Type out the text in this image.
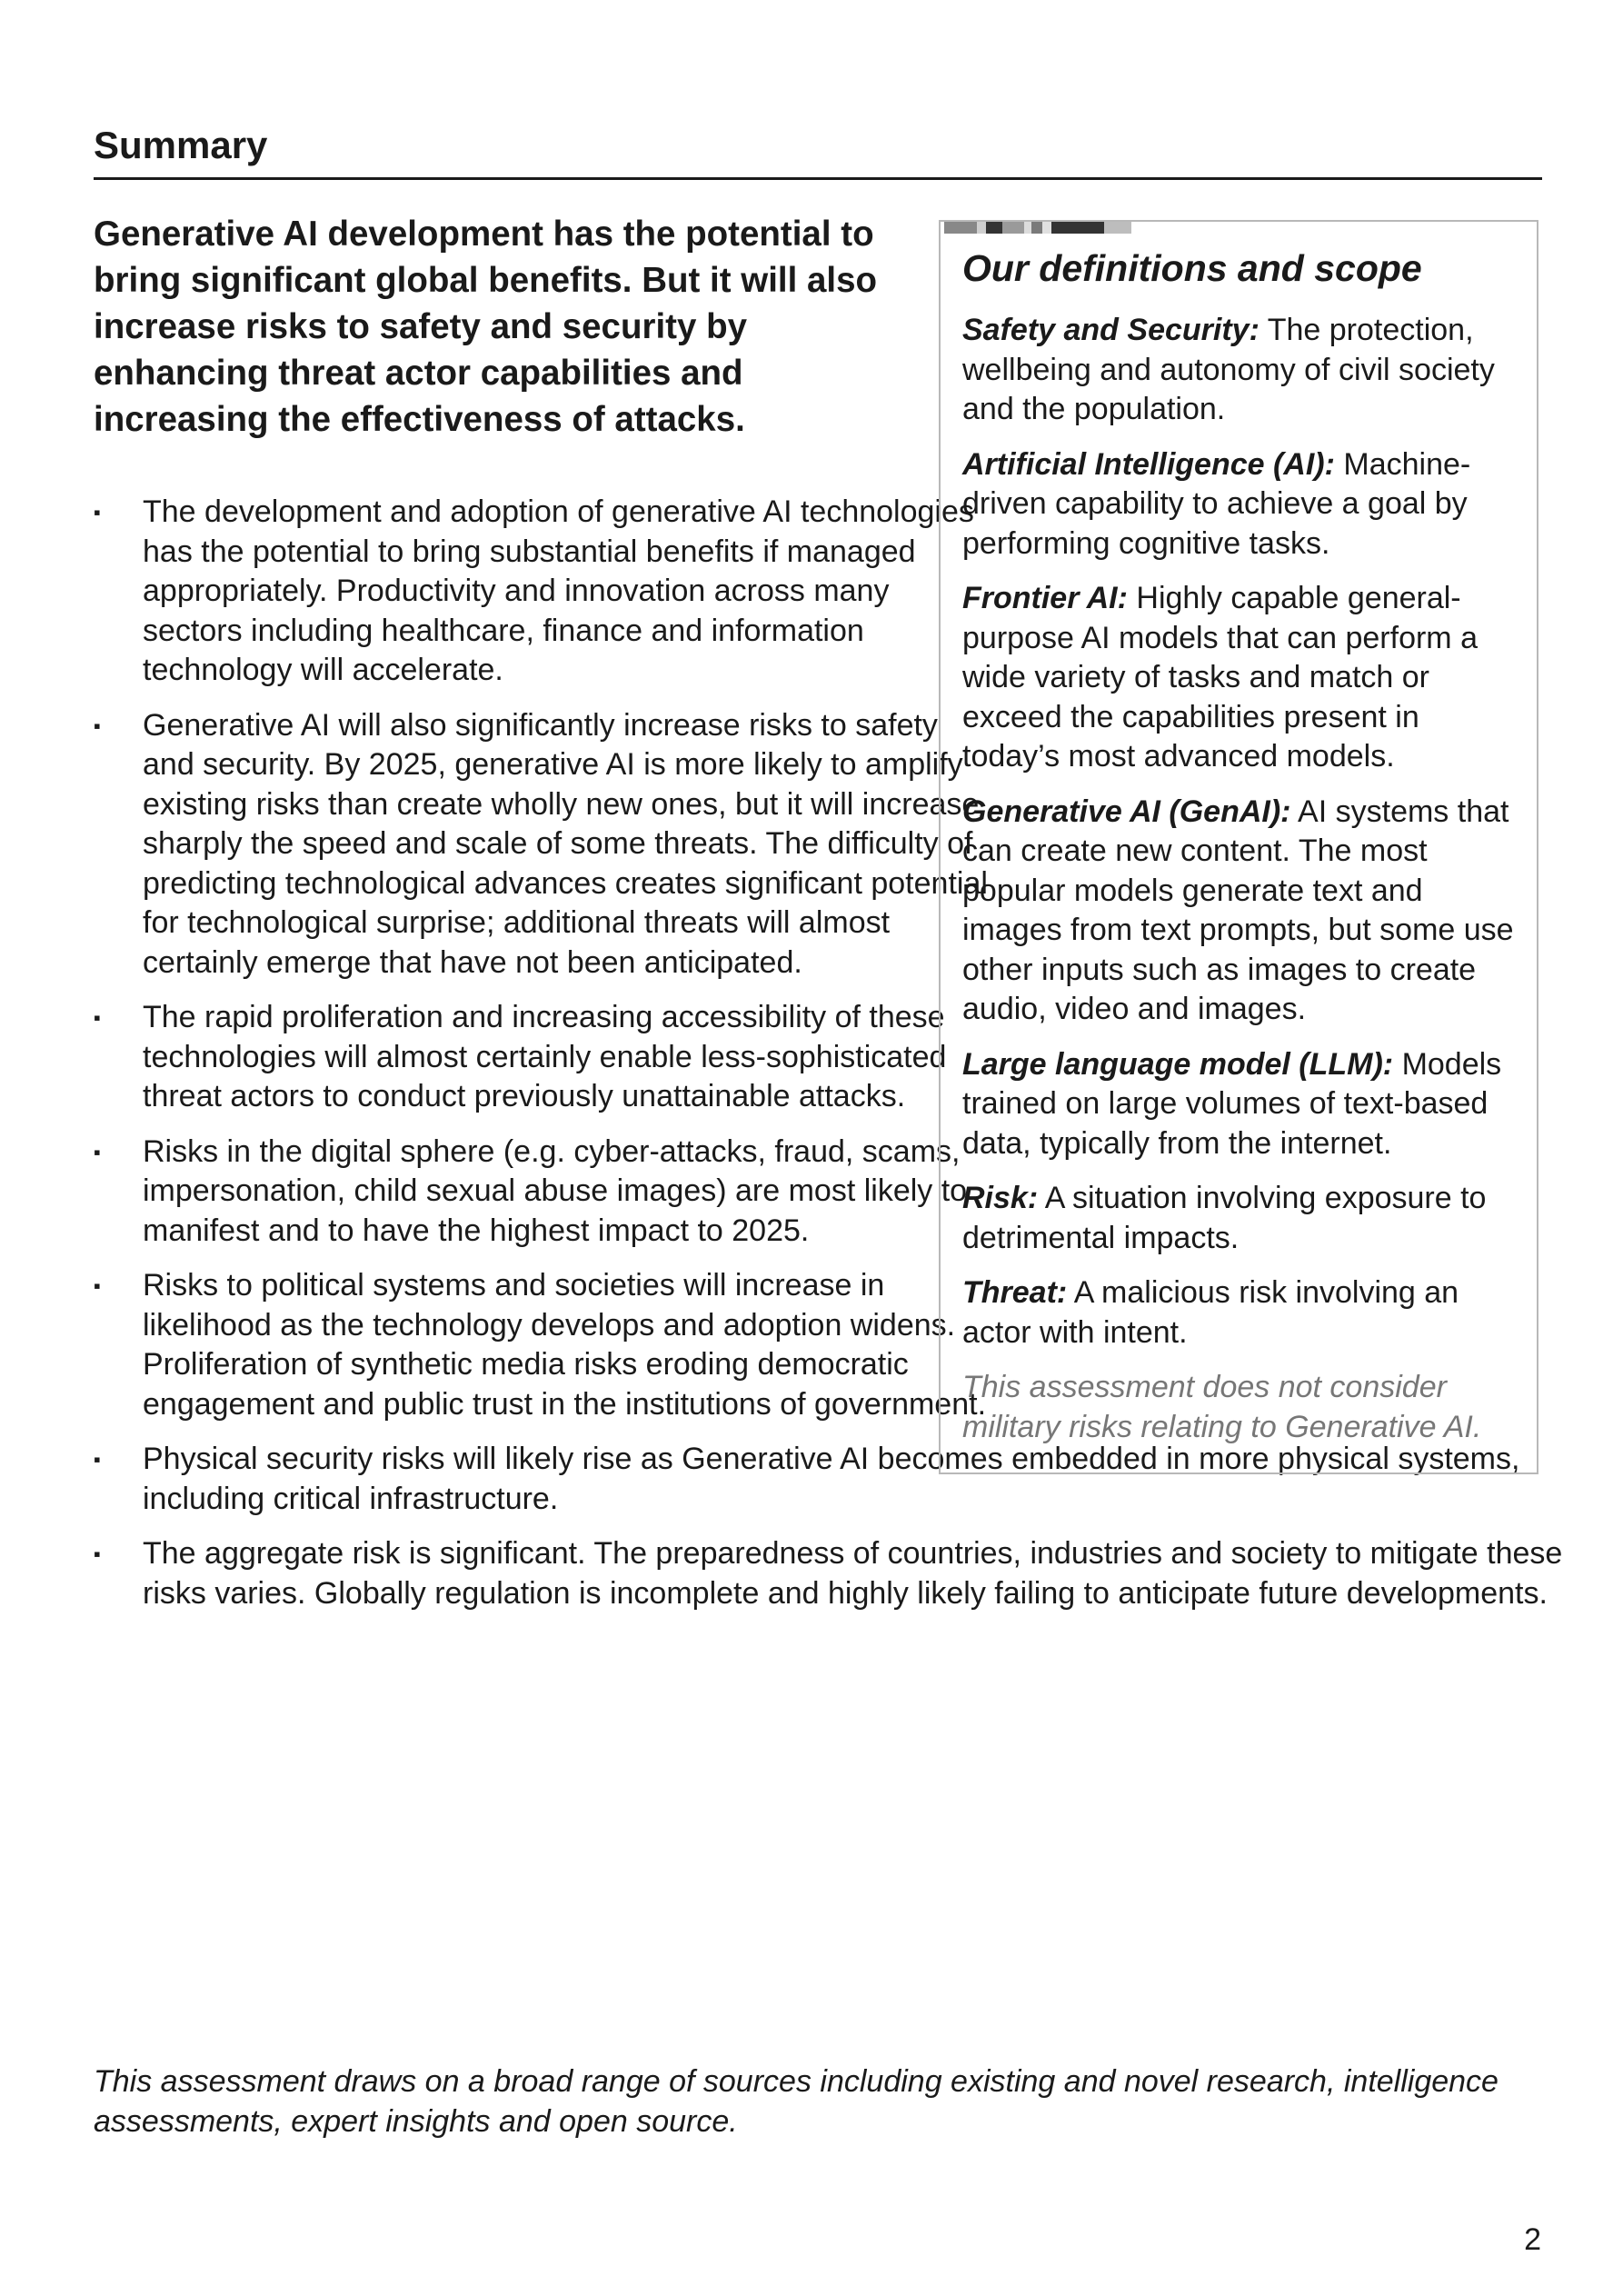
Summary

Generative AI development has the potential to bring significant global benefits. But it will also increase risks to safety and security by enhancing threat actor capabilities and increasing the effectiveness of attacks.

▪ The development and adoption of generative AI technologies has the potential to bring substantial benefits if managed appropriately. Productivity and innovation across many sectors including healthcare, finance and information technology will accelerate.
▪ Generative AI will also significantly increase risks to safety and security. By 2025, generative AI is more likely to amplify existing risks than create wholly new ones, but it will increase sharply the speed and scale of some threats. The difficulty of predicting technological advances creates significant potential for technological surprise; additional threats will almost certainly emerge that have not been anticipated.
▪ The rapid proliferation and increasing accessibility of these technologies will almost certainly enable less-sophisticated threat actors to conduct previously unattainable attacks.
▪ Risks in the digital sphere (e.g. cyber-attacks, fraud, scams, impersonation, child sexual abuse images) are most likely to manifest and to have the highest impact to 2025.
▪ Risks to political systems and societies will increase in likelihood as the technology develops and adoption widens. Proliferation of synthetic media risks eroding democratic engagement and public trust in the institutions of government.
▪ Physical security risks will likely rise as Generative AI becomes embedded in more physical systems, including critical infrastructure.
▪ The aggregate risk is significant. The preparedness of countries, industries and society to mitigate these risks varies. Globally regulation is incomplete and highly likely failing to anticipate future developments.
Our definitions and scope

Safety and Security: The protection, wellbeing and autonomy of civil society and the population.

Artificial Intelligence (AI): Machine-driven capability to achieve a goal by performing cognitive tasks.

Frontier AI: Highly capable general-purpose AI models that can perform a wide variety of tasks and match or exceed the capabilities present in today’s most advanced models.

Generative AI (GenAI): AI systems that can create new content. The most popular models generate text and images from text prompts, but some use other inputs such as images to create audio, video and images.

Large language model (LLM): Models trained on large volumes of text-based data, typically from the internet.

Risk: A situation involving exposure to detrimental impacts.

Threat: A malicious risk involving an actor with intent.

This assessment does not consider military risks relating to Generative AI.

This assessment draws on a broad range of sources including existing and novel research, intelligence assessments, expert insights and open source.

2
